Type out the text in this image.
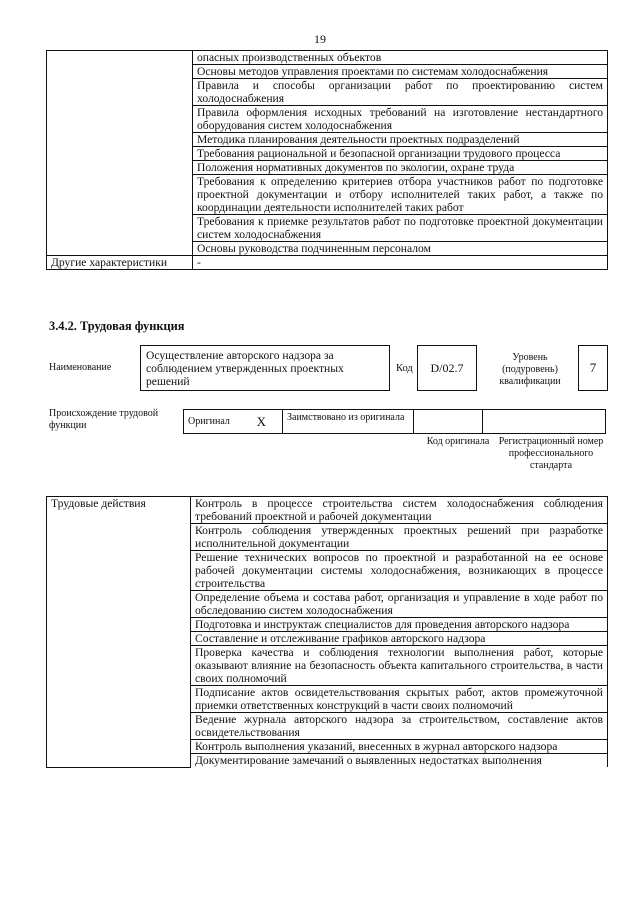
19
	опасных производственных объектов
	Основы методов управления проектами по системам холодоснабжения
	Правила и способы организации работ по проектированию систем холодоснабжения
	Правила оформления исходных требований на изготовление нестандартного оборудования систем холодоснабжения
	Методика планирования деятельности проектных подразделений
	Требования рациональной и безопасной организации трудового процесса
	Положения нормативных документов по экологии, охране труда
	Требования к определению критериев отбора участников работ по подготовке проектной документации и отбору исполнителей таких работ, а также по координации деятельности исполнителей таких работ
	Требования к приемке результатов работ по подготовке проектной документации систем холодоснабжения
	Основы руководства подчиненным персоналом
Другие характеристики	-
3.4.2. Трудовая функция
Наименование
Осуществление авторского надзора за соблюдением утвержденных проектных решений
Код	D/02.7
Уровень (подуровень) квалификации
7
Происхождение трудовой функции	Оригинал X	Заимствовано из оригинала
Код оригинала Регистрационный номер профессионального стандарта
Трудовые действия	Контроль в процессе строительства систем холодоснабжения соблюдения требований проектной и рабочей документации
Контроль соблюдения утвержденных проектных решений при разработке исполнительной документации
Решение технических вопросов по проектной и разработанной на ее основе рабочей документации системы холодоснабжения, возникающих в процессе строительства
Определение объема и состава работ, организация и управление в ходе работ по обследованию систем холодоснабжения
Подготовка и инструктаж специалистов для проведения авторского надзора
Составление и отслеживание графиков авторского надзора
Проверка качества и соблюдения технологии выполнения работ, которые оказывают влияние на безопасность объекта капитального строительства, в части своих полномочий
Подписание актов освидетельствования скрытых работ, актов промежуточной приемки ответственных конструкций в части своих полномочий
Ведение журнала авторского надзора за строительством, составление актов освидетельствования
Контроль выполнения указаний, внесенных в журнал авторского надзора
Документирование замечаний о выявленных недостатках выполнения
